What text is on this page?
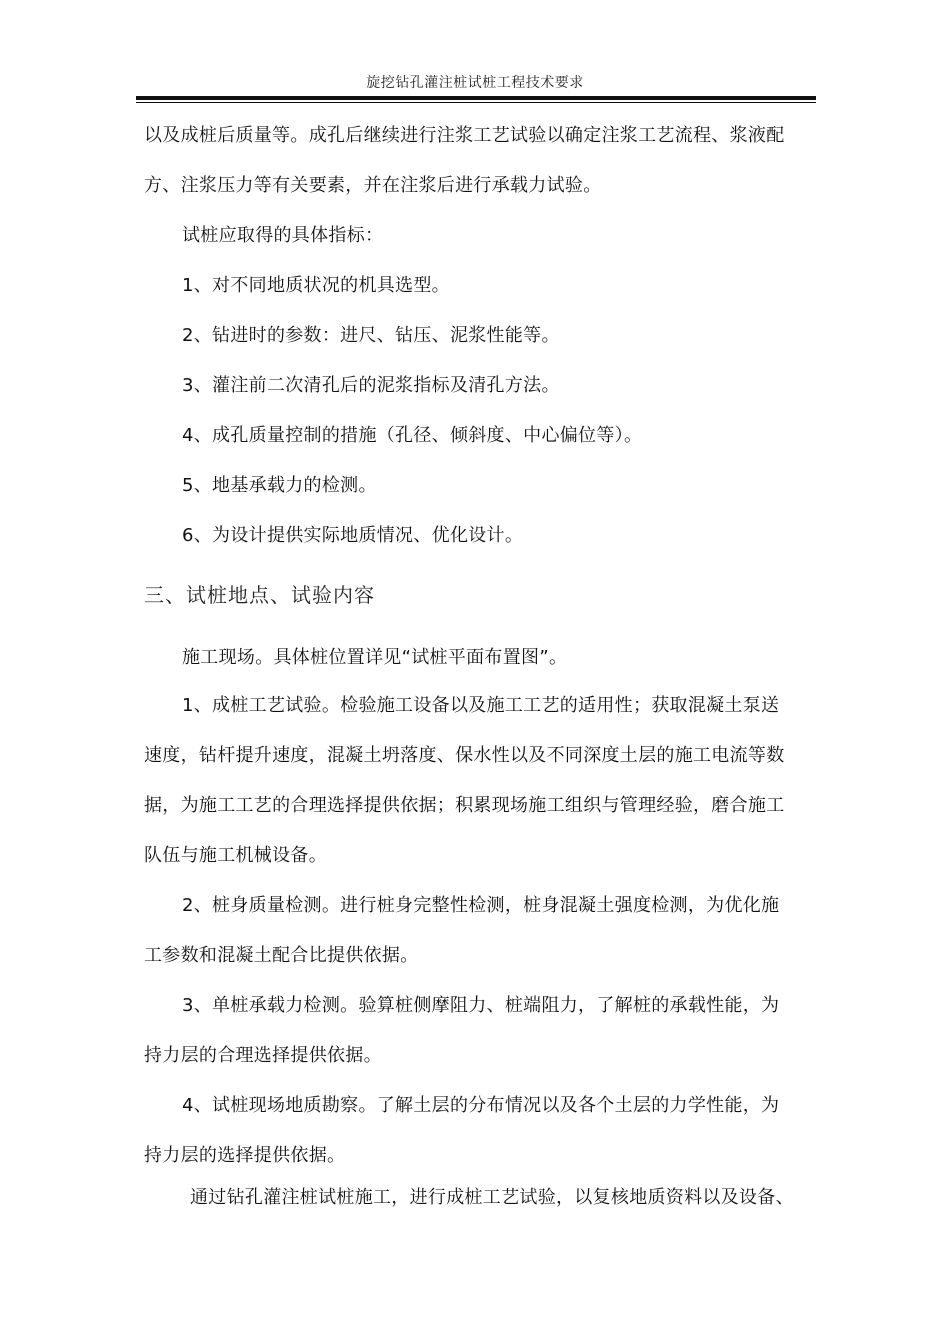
旋挖钻孔灌注桩试桩工程技术要求
以及成桩后质量等。成孔后继续进行注浆工艺试验以确定注浆工艺流程、浆液配
方、注浆压力等有关要素，并在注浆后进行承载力试验。
试桩应取得的具体指标：
1、对不同地质状况的机具选型。
2、钻进时的参数：进尺、钻压、泥浆性能等。
3、灌注前二次清孔后的泥浆指标及清孔方法。
4、成孔质量控制的措施（孔径、倾斜度、中心偏位等）。
5、地基承载力的检测。
6、为设计提供实际地质情况、优化设计。
三、试桩地点、试验内容
施工现场。具体桩位置详见“试桩平面布置图”。
1、成桩工艺试验。检验施工设备以及施工工艺的适用性；获取混凝土泵送
速度，钻杆提升速度，混凝土坍落度、保水性以及不同深度土层的施工电流等数
据，为施工工艺的合理选择提供依据；积累现场施工组织与管理经验，磨合施工
队伍与施工机械设备。
2、桩身质量检测。进行桩身完整性检测，桩身混凝土强度检测，为优化施
工参数和混凝土配合比提供依据。
3、单桩承载力检测。验算桩侧摩阻力、桩端阻力，了解桩的承载性能，为
持力层的合理选择提供依据。
4、试桩现场地质勘察。了解土层的分布情况以及各个土层的力学性能，为
持力层的选择提供依据。
通过钻孔灌注桩试桩施工，进行成桩工艺试验，以复核地质资料以及设备、
